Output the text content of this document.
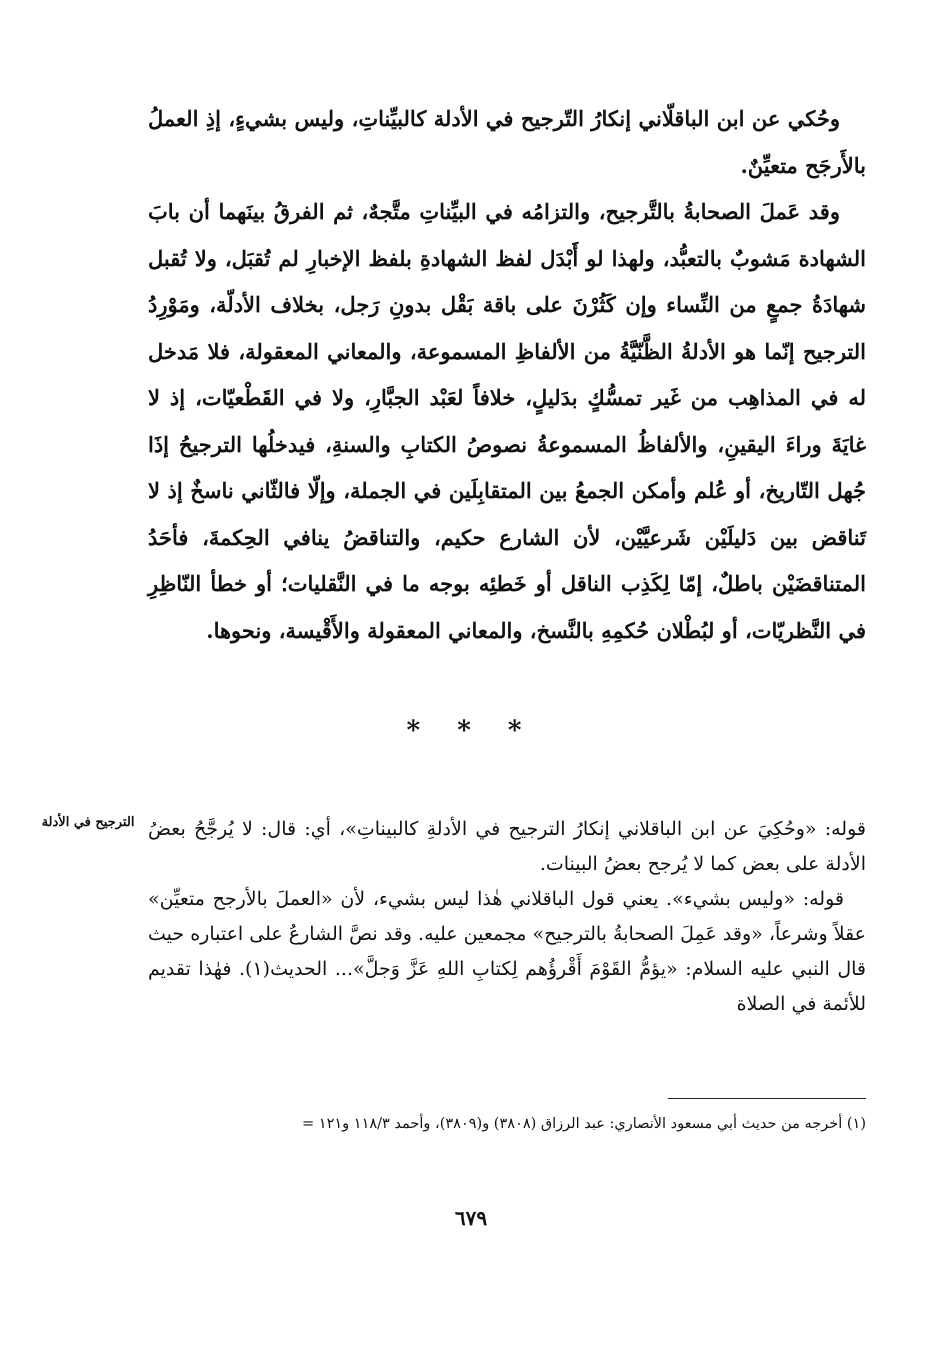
وحُكي عن ابن الباقلّاني إنكارُ التّرجيح في الأدلة كالبيِّناتِ، وليس بشيءٍ، إذِ العملُ بالأَرجَح متعيِّنٌ.

وقد عَملَ الصحابةُ بالتَّرجيح، والتزامُه في البيِّناتِ متَّجهٌ، ثم الفرقُ بينَهما أن بابَ الشهادة مَشوبٌ بالتعبُّد، ولهذا لو أَبْدَل لفظ الشهادةِ بلفظ الإخبارِ لم تُقبَل، ولا تُقبل شهادَةُ جمعٍ من النِّساء وإن كَثُرْنَ على باقة بَقْل بدونِ رَجل، بخلاف الأدلّة، ومَوْرِدُ الترجيح إنّما هو الأدلةُ الظَّنّيَّةُ من الألفاظِ المسموعة، والمعاني المعقولة، فلا مَدخل له في المذاهِب من غَير تمسُّكٍ بدَليلٍ، خلافاً لعَبْد الجبَّارِ، ولا في القَطْعيّات، إذ لا غايَةَ وراءَ اليقينِ، والألفاظُ المسموعةُ نصوصُ الكتابِ والسنةِ، فيدخلُها الترجيحُ إذَا جُهل التّاريخ، أو عُلم وأمكن الجمعُ بين المتقابِلَين في الجملة، وإلّا فالثّاني ناسخٌ إذ لا تَناقض بين دَليلَيْن شَرعيَّيْن، لأن الشارع حكيم، والتناقضُ ينافي الحِكمةَ، فأحَدُ المتناقضَيْن باطلٌ، إمّا لِكَذِب الناقل أو خَطئِه بوجه ما في النَّقليات؛ أو خطأ النّاظِرِ في النَّظريّات، أو لبُطْلان حُكمِهِ بالنَّسخ، والمعاني المعقولة والأَقْيسة، ونحوها.

* * *
الترجيح في الأدلة قوله: «وحُكِيَ عن ابن الباقلاني إنكارُ الترجيح في الأدلةِ كالبيناتِ»، أي: قال: لا يُرجَّحُ بعضُ الأدلة على بعض كما لا يُرجح بعضُ البينات.

قوله: «وليس بشيء». يعني قول الباقلاني هٰذا ليس بشيء، لأن «العملَ بالأرجح متعيِّن» عقلاً وشرعاً، «وقد عَمِلَ الصحابةُ بالترجيح» مجمعين عليه. وقد نصَّ الشارعُ على اعتباره حيث قال النبي عليه السلام: «يؤمُّ القَوْمَ أَقْرؤُهم لِكتابِ اللهِ عَزَّ وَجلَّ»... الحديث(١). فهٰذا تقديم للأئمة في الصلاة

(١) أخرجه من حديث أبي مسعود الأنصاري: عبد الرزاق (٣٨٠٨) و(٣٨٠٩)، وأحمد ١١٨/٣ و١٢١ =
٦٧٩
